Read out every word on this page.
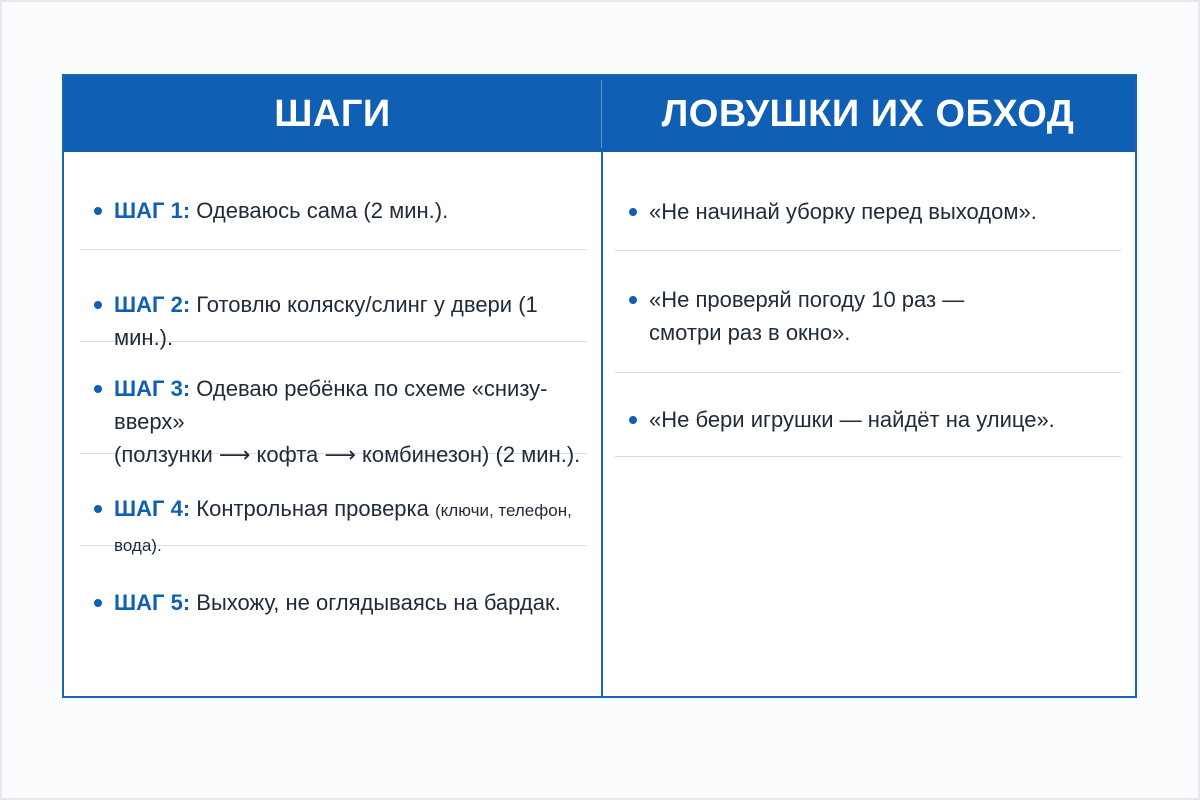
ШАГИ	ЛОВУШКИ ИХ ОБХОД
ШАГ 1: Одеваюсь сама (2 мин.).
ШАГ 2: Готовлю коляску/слинг у двери (1 мин.).
ШАГ 3: Одеваю ребёнка по схеме «снизу-вверх»
(ползунки ⟶ кофта ⟶ комбинезон) (2 мин.).
ШАГ 4: Контрольная проверка (ключи, телефон, вода).
ШАГ 5: Выхожу, не оглядываясь на бардак.
«Не начинай уборку перед выходом».
«Не проверяй погоду 10 раз —
смотри раз в окно».
«Не бери игрушки — найдёт на улице».
